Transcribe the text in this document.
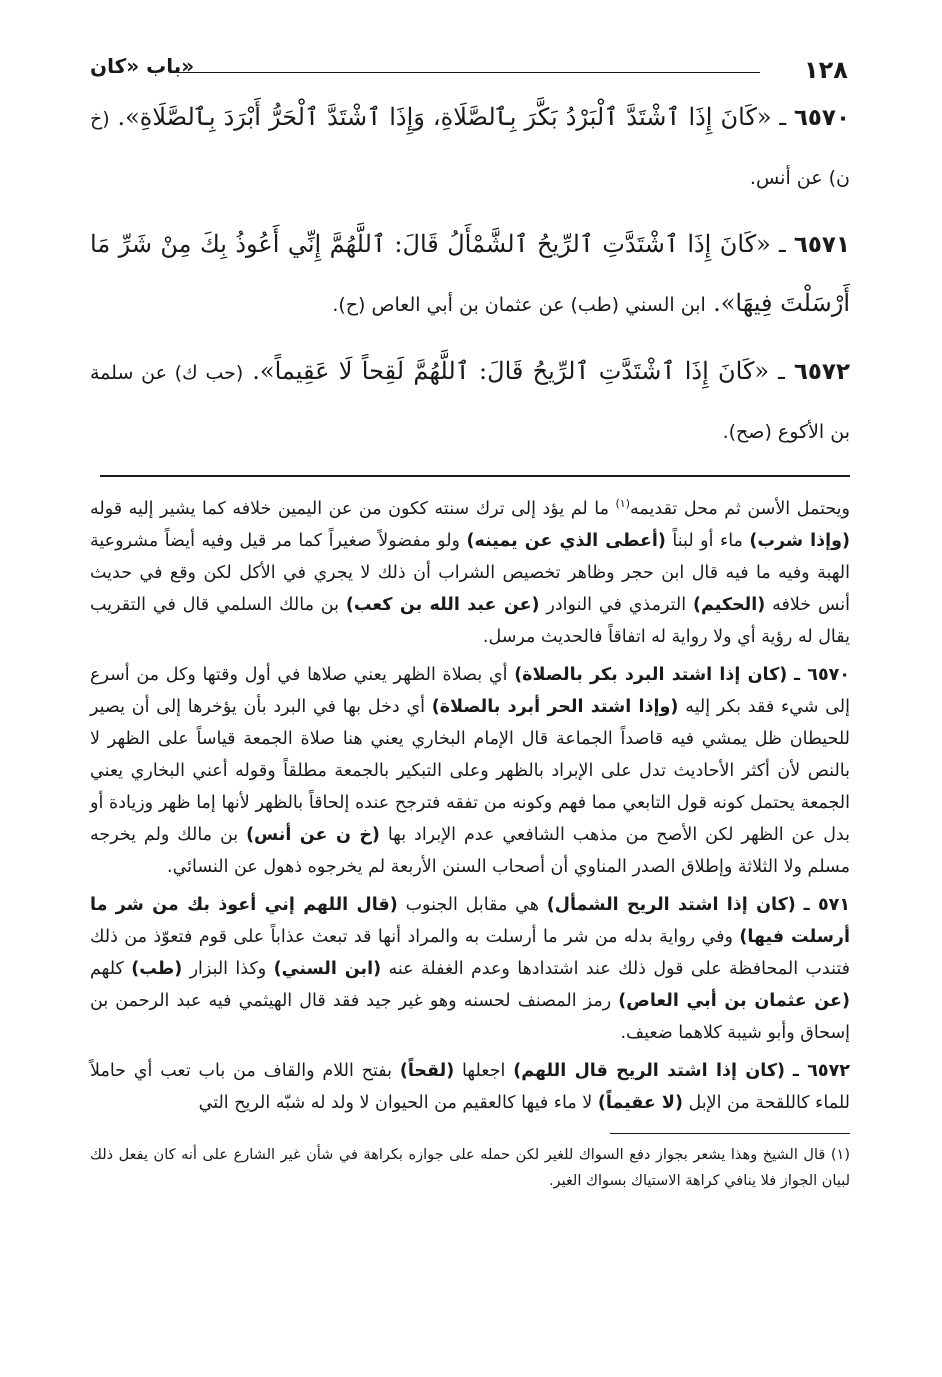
١٢٨
باب «كان»

٦٥٧٠ ـ «كَانَ إِذَا ٱشْتَدَّ ٱلْبَرْدُ بَكَّرَ بِٱلصَّلَاةِ، وَإِذَا ٱشْتَدَّ ٱلْحَرُّ أَبْرَدَ بِٱلصَّلَاةِ». (خ ن) عن أنس.

٦٥٧١ ـ «كَانَ إِذَا ٱشْتَدَّتِ ٱلرِّيحُ ٱلشَّمْأَلُ قَالَ: ٱللَّهُمَّ إِنِّي أَعُوذُ بِكَ مِنْ شَرِّ مَا أَرْسَلْتَ فِيهَا». ابن السني (طب) عن عثمان بن أبي العاص (ح).

٦٥٧٢ ـ «كَانَ إِذَا ٱشْتَدَّتِ ٱلرِّيحُ قَالَ: ٱللَّهُمَّ لَقِحاً لَا عَقِيماً». (حب ك) عن سلمة بن الأكوع (صح).

ويحتمل الأسن ثم محل تقديمه$^{(١)}$ ما لم يؤد إلى ترك سنته ككون من عن اليمين خلافه كما يشير إليه قوله (وإذا شرب) ماء أو لبناً (أعطى الذي عن يمينه) ولو مفضولاً صغيراً كما مر قيل وفيه أيضاً مشروعية الهبة وفيه ما فيه قال ابن حجر وظاهر تخصيص الشراب أن ذلك لا يجري في الأكل لكن وقع في حديث أنس خلافه (الحكيم) الترمذي في النوادر (عن عبد الله بن كعب) بن مالك السلمي قال في التقريب يقال له رؤية أي ولا رواية له اتفاقاً فالحديث مرسل.

٦٥٧٠ ـ (كان إذا اشتد البرد بكر بالصلاة) أي بصلاة الظهر يعني صلاها في أول وقتها وكل من أسرع إلى شيء فقد بكر إليه (وإذا اشتد الحر أبرد بالصلاة) أي دخل بها في البرد بأن يؤخرها إلى أن يصير للحيطان ظل يمشي فيه قاصداً الجماعة قال الإمام البخاري يعني هنا صلاة الجمعة قياساً على الظهر لا بالنص لأن أكثر الأحاديث تدل على الإبراد بالظهر وعلى التبكير بالجمعة مطلقاً وقوله أعني البخاري يعني الجمعة يحتمل كونه قول التابعي مما فهم وكونه من تفقه فترجح عنده إلحاقاً بالظهر لأنها إما ظهر وزيادة أو بدل عن الظهر لكن الأصح من مذهب الشافعي عدم الإبراد بها (خ ن عن أنس) بن مالك ولم يخرجه مسلم ولا الثلاثة وإطلاق الصدر المناوي أن أصحاب السنن الأربعة لم يخرجوه ذهول عن النسائي.

٥٧١ ـ (كان إذا اشتد الريح الشمأل) هي مقابل الجنوب (قال اللهم إني أعوذ بك من شر ما أرسلت فيها) وفي رواية بدله من شر ما أرسلت به والمراد أنها قد تبعث عذاباً على قوم فتعوّذ من ذلك فتندب المحافظة على قول ذلك عند اشتدادها وعدم الغفلة عنه (ابن السني) وكذا البزار (طب) كلهم (عن عثمان بن أبي العاص) رمز المصنف لحسنه وهو غير جيد فقد قال الهيثمي فيه عبد الرحمن بن إسحاق وأبو شيبة كلاهما ضعيف.

٦٥٧٢ ـ (كان إذا اشتد الريح قال اللهم) اجعلها (لقحاً) بفتح اللام والقاف من باب تعب أي حاملاً للماء كاللقحة من الإبل (لا عقيماً) لا ماء فيها كالعقيم من الحيوان لا ولد له شبّه الريح التي

(١) قال الشيخ وهذا يشعر بجواز دفع السواك للغير لكن حمله على جوازه بكراهة في شأن غير الشارع على أنه كان يفعل ذلك لبيان الجواز فلا ينافي كراهة الاستياك بسواك الغير.
